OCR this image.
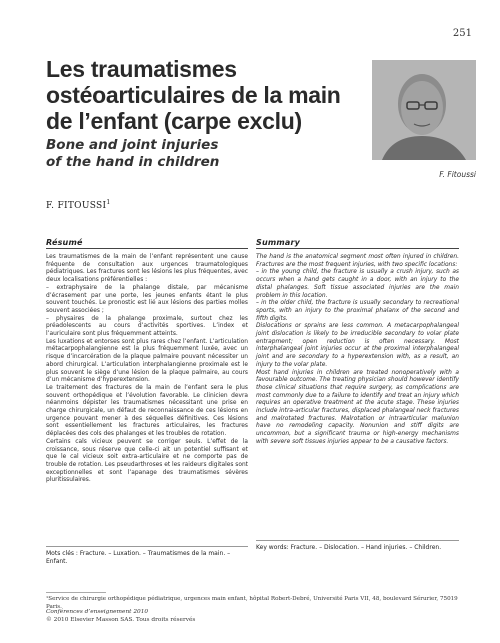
251
Les traumatismes
ostéoarticulaires de la main
de l’enfant (carpe exclu)
Bone and joint injuries
of the hand in children
F. Fitoussi
F. FITOUSSI$^1$
Résumé

Les traumatismes de la main de l’enfant représentent une cause fréquente de consultation aux urgences traumatologiques pédiatriques. Les fractures sont les lésions les plus fréquentes, avec deux localisations préférentielles :

– extraphysaire de la phalange distale, par mécanisme d’écrasement par une porte, les jeunes enfants étant le plus souvent touchés. Le pronostic est lié aux lésions des parties molles souvent associées ;

– physaires de la phalange proximale, surtout chez les préadolescents au cours d’activités sportives. L’index et l’auriculaire sont plus fréquemment atteints.

Les luxations et entorses sont plus rares chez l’enfant. L’articulation métacarpophalangienne est la plus fréquemment luxée, avec un risque d’incarcération de la plaque palmaire pouvant nécessiter un abord chirurgical. L’articulation interphalangienne proximale est le plus souvent le siège d’une lésion de la plaque palmaire, au cours d’un mécanisme d’hyperextension.

Le traitement des fractures de la main de l’enfant sera le plus souvent orthopédique et l’évolution favorable. Le clinicien devra néanmoins dépister les traumatismes nécessitant une prise en charge chirurgicale, un défaut de reconnaissance de ces lésions en urgence pouvant mener à des séquelles définitives. Ces lésions sont essentiellement les fractures articulaires, les fractures déplacées des cols des phalanges et les troubles de rotation.

Certains cals vicieux peuvent se corriger seuls. L’effet de la croissance, sous réserve que celle-ci ait un potentiel suffisant et que le cal vicieux soit extra-articulaire et ne comporte pas de trouble de rotation. Les pseudarthroses et les raideurs digitales sont exceptionnelles et sont l’apanage des traumatismes sévères pluritissulaires.

Mots clés : Fracture. – Luxation. – Traumatismes de la main. – Enfant.
Summary

The hand is the anatomical segment most often injured in children. Fractures are the most frequent injuries, with two specific locations:

– in the young child, the fracture is usually a crush injury, such as occurs when a hand gets caught in a door, with an injury to the distal phalanges. Soft tissue associated injuries are the main problem in this location.

– in the older child, the fracture is usually secondary to recreational sports, with an injury to the proximal phalanx of the second and fifth digits.

Dislocations or sprains are less common. A metacarpophalangeal joint dislocation is likely to be irreducible secondary to volar plate entrapment; open reduction is often necessary. Most interphalangeal joint injuries occur at the proximal interphalangeal joint and are secondary to a hyperextension with, as a result, an injury to the volar plate.

Most hand injuries in children are treated nonoperatively with a favourable outcome. The treating physician should however identify those clinical situations that require surgery, as complications are most commonly due to a failure to identify and treat an injury which requires an operative treatment at the acute stage. These injuries include intra-articular fractures, displaced phalangeal neck fractures and malrotated fractures. Malrotation or intraarticular malunion have no remodeling capacity. Nonunion and stiff digits are uncommon, but a significant trauma or high-energy mechanisms with severe soft tissues injuries appear to be a causative factors.

Key words: Fracture. – Dislocation. – Hand injuries. – Children.
¹Service de chirurgie orthopédique pédiatrique, urgences main enfant, hôpital Robert-Debré, Université Paris VII, 48, boulevard Sérurier, 75019 Paris.
Conférences d’enseignement 2010
© 2010 Elsevier Masson SAS. Tous droits réservés
